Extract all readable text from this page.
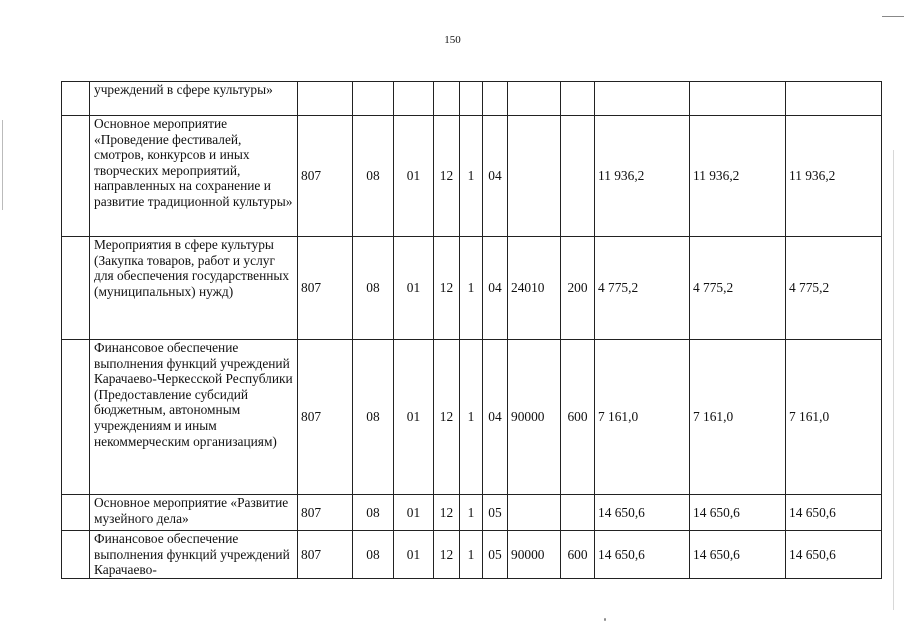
150
	учреждений в сфере культуры»											
	Основное мероприятие «Проведение фестивалей, смотров, конкурсов и иных творческих мероприятий, направленных на сохранение и развитие традиционной культуры»	807	08	01	12	1	04			11 936,2	11 936,2	11 936,2
	Мероприятия в сфере культуры (Закупка товаров, работ и услуг для обеспечения государственных (муниципальных) нужд)	807	08	01	12	1	04	24010	200	4 775,2	4 775,2	4 775,2
	Финансовое обеспечение выполнения функций учреждений Карачаево-Черкесской Республики (Предоставление субсидий бюджетным, автономным учреждениям и иным некоммерческим организациям)	807	08	01	12	1	04	90000	600	7 161,0	7 161,0	7 161,0
	Основное мероприятие «Развитие музейного дела»	807	08	01	12	1	05			14 650,6	14 650,6	14 650,6
	Финансовое обеспечение выполнения функций учреждений Карачаево-	807	08	01	12	1	05	90000	600	14 650,6	14 650,6	14 650,6
